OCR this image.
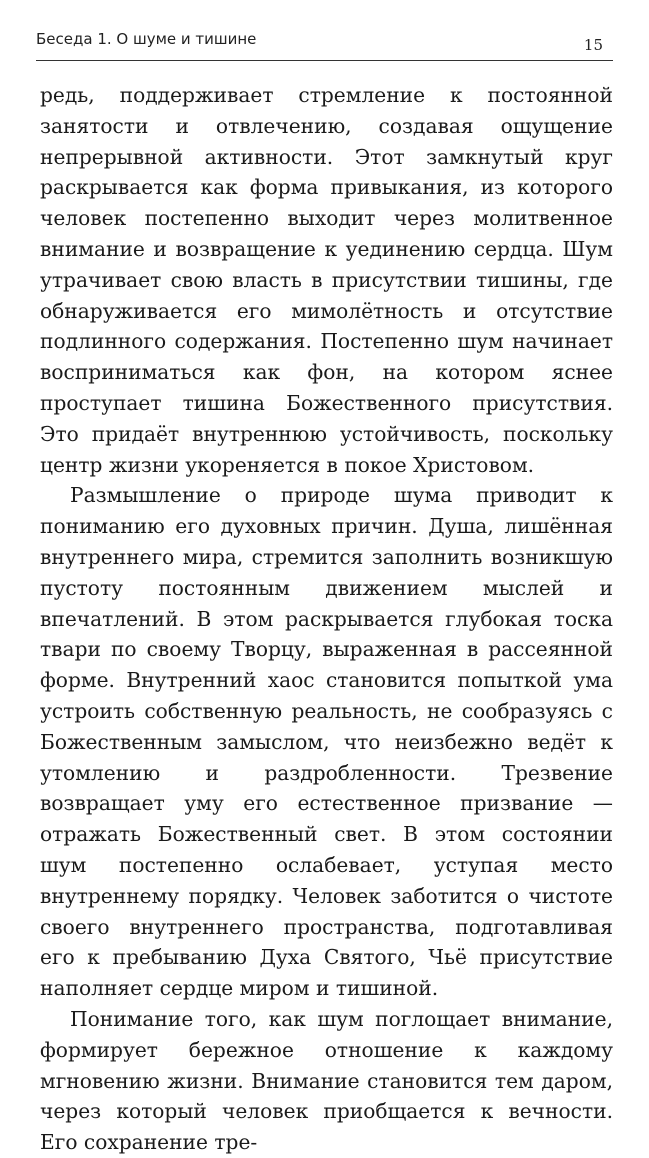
Беседа 1. О шуме и тишине	15

редь, поддерживает стремление к постоянной занятости и отвлечению, создавая ощущение непрерывной активности. Этот замкнутый круг раскрывается как форма привыкания, из которого человек постепенно выходит через молитвенное внимание и возвращение к уединению сердца. Шум утрачивает свою власть в присутствии тишины, где обнаруживается его мимолётность и отсутствие подлинного содержания. Постепенно шум начинает восприниматься как фон, на котором яснее проступает тишина Божественного присутствия. Это придаёт внутреннюю устойчивость, поскольку центр жизни укореняется в покое Христовом.

Размышление о природе шума приводит к пониманию его духовных причин. Душа, лишённая внутреннего мира, стремится заполнить возникшую пустоту постоянным движением мыслей и впечатлений. В этом раскрывается глубокая тоска твари по своему Творцу, выраженная в рассеянной форме. Внутренний хаос становится попыткой ума устроить собственную реальность, не сообразуясь с Божественным замыслом, что неизбежно ведёт к утомлению и раздробленности. Трезвение возвращает уму его естественное призвание — отражать Божественный свет. В этом состоянии шум постепенно ослабевает, уступая место внутреннему порядку. Человек заботится о чистоте своего внутреннего пространства, подготавливая его к пребыванию Духа Святого, Чьё присутствие наполняет сердце миром и тишиной.

Понимание того, как шум поглощает внимание, формирует бережное отношение к каждому мгновению жизни. Внимание становится тем даром, через который человек приобщается к вечности. Его сохранение тре-
